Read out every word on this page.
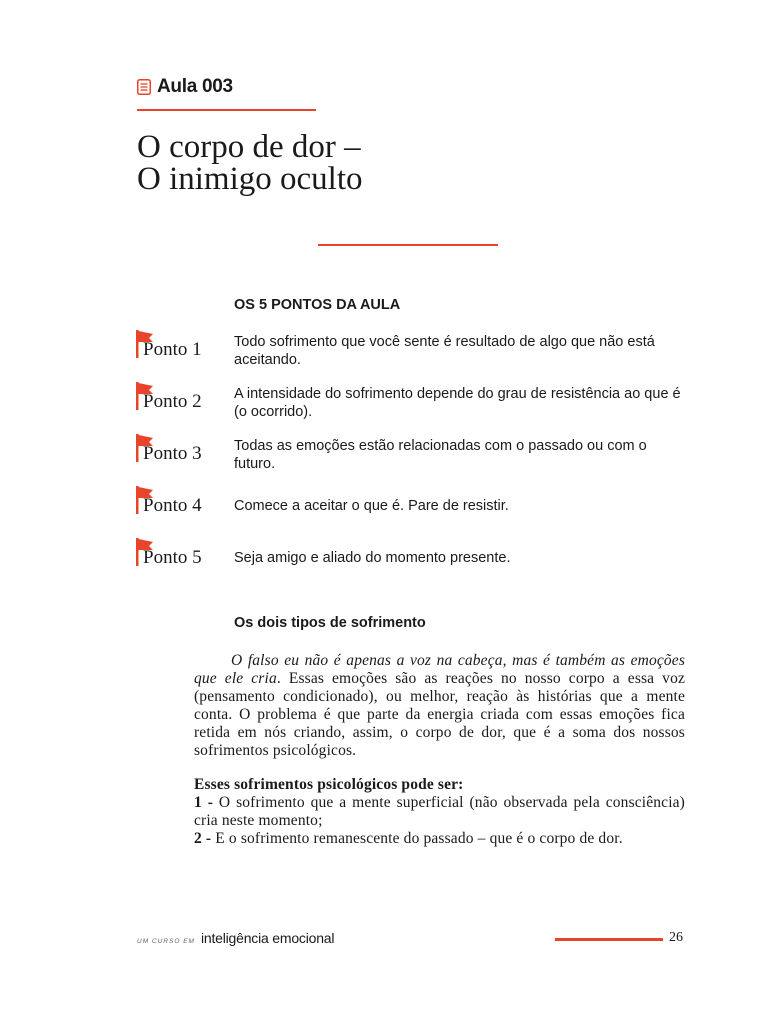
Aula 003
O corpo de dor –
O inimigo oculto
OS 5 PONTOS DA AULA
Ponto 1 Todo sofrimento que você sente é resultado de algo que não está aceitando.
Ponto 2 A intensidade do sofrimento depende do grau de resistência ao que é (o ocorrido).
Ponto 3 Todas as emoções estão relacionadas com o passado ou com o futuro.
Ponto 4 Comece a aceitar o que é. Pare de resistir.
Ponto 5 Seja amigo e aliado do momento presente.
Os dois tipos de sofrimento

O falso eu não é apenas a voz na cabeça, mas é também as emoções que ele cria. Essas emoções são as reações no nosso corpo a essa voz (pensamento condicionado), ou melhor, reação às histórias que a mente conta. O problema é que parte da energia criada com essas emoções fica retida em nós criando, assim, o corpo de dor, que é a soma dos nossos sofrimentos psicológicos.

Esses sofrimentos psicológicos pode ser:
1 - O sofrimento que a mente superficial (não observada pela consciência) cria neste momento;
2 - E o sofrimento remanescente do passado – que é o corpo de dor.

UM CURSO EM inteligência emocional	26
